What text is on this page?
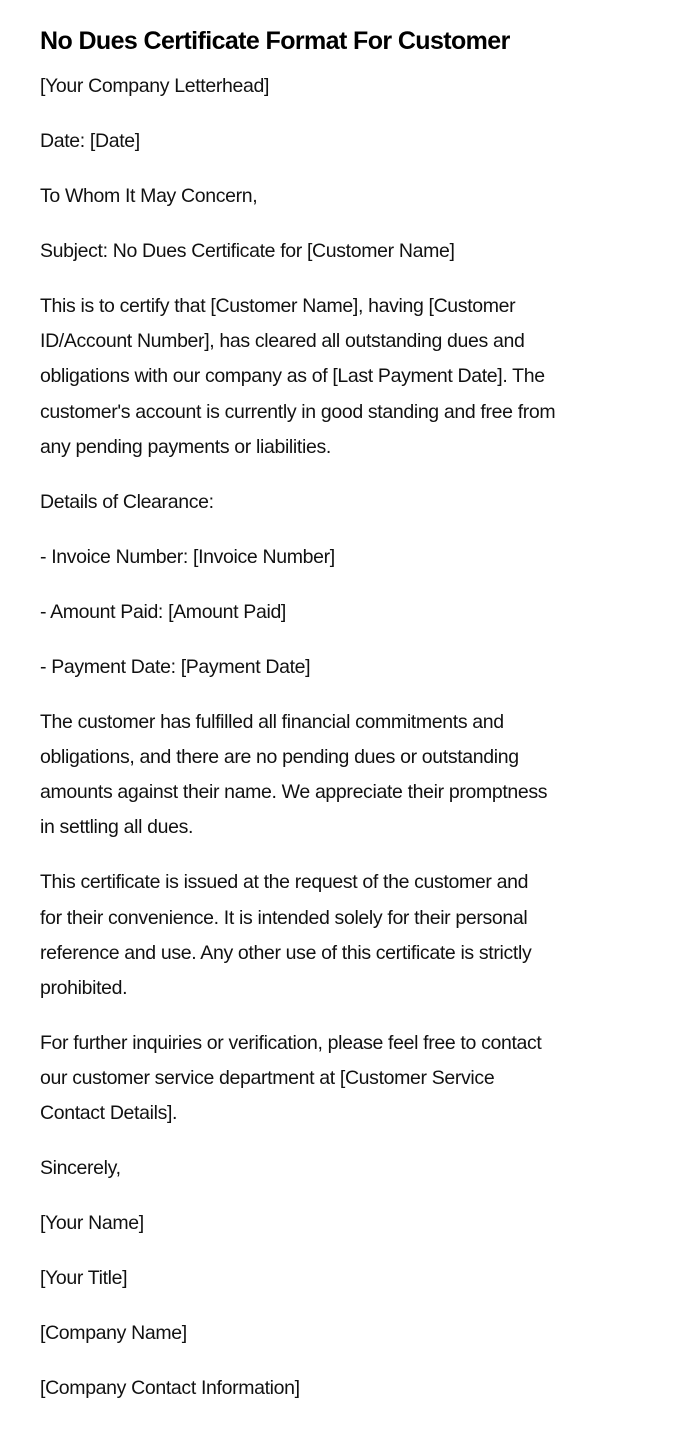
No Dues Certificate Format For Customer

[Your Company Letterhead]

Date: [Date]

To Whom It May Concern,

Subject: No Dues Certificate for [Customer Name]

This is to certify that [Customer Name], having [Customer
ID/Account Number], has cleared all outstanding dues and
obligations with our company as of [Last Payment Date]. The
customer's account is currently in good standing and free from
any pending payments or liabilities.

Details of Clearance:

- Invoice Number: [Invoice Number]

- Amount Paid: [Amount Paid]

- Payment Date: [Payment Date]

The customer has fulfilled all financial commitments and
obligations, and there are no pending dues or outstanding
amounts against their name. We appreciate their promptness
in settling all dues.

This certificate is issued at the request of the customer and
for their convenience. It is intended solely for their personal
reference and use. Any other use of this certificate is strictly
prohibited.

For further inquiries or verification, please feel free to contact
our customer service department at [Customer Service
Contact Details].

Sincerely,

[Your Name]

[Your Title]

[Company Name]

[Company Contact Information]
